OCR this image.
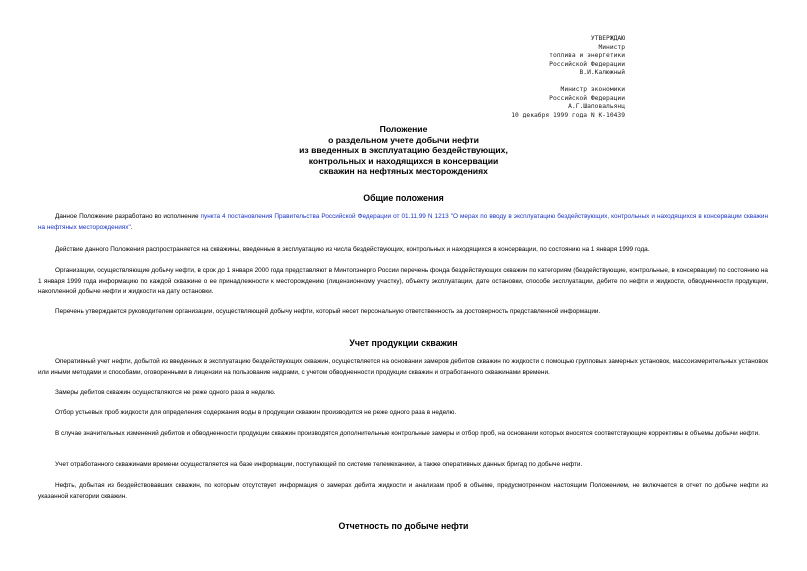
УТВЕРЖДАЮ
Министр
топлива и энергетики
Российской Федерации
В.И.Калюжный
Министр экономики
Российской Федерации
А.Г.Шаповальянц
10 декабря 1999 года N К-10439
Положение
о раздельном учете добычи нефти
из введенных в эксплуатацию бездействующих,
контрольных и находящихся в консервации
скважин на нефтяных месторождениях
Общие положения
Данное Положение разработано во исполнение пункта 4 постановления Правительства Российской Федерации от 01.11.99 N 1213 "О мерах по вводу в эксплуатацию бездействующих, контрольных и находящихся в консервации скважин на нефтяных месторождениях".
Действие данного Положения распространяется на скважины, введенные в эксплуатацию из числа бездействующих, контрольных и находящихся в консервации, по состоянию на 1 января 1999 года.
Организации, осуществляющие добычу нефти, в срок до 1 января 2000 года представляют в Минтопэнерго России перечень фонда бездействующих скважин по категориям (бездействующие, контрольные, в консервации) по состоянию на 1 января 1999 года информацию по каждой скважине о ее принадлежности к месторождению (лицензионному участку), объекту эксплуатации, дате остановки, способе эксплуатации, дебите по нефти и жидкости, обводненности продукции, накопленной добыче нефти и жидкости на дату остановки.
Перечень утверждается руководителем организации, осуществляющей добычу нефти, который несет персональную ответственность за достоверность представленной информации.
Учет продукции скважин
Оперативный учет нефти, добытой из введенных в эксплуатацию бездействующих скважин, осуществляется на основании замеров дебитов скважин по жидкости с помощью групповых замерных установок, массоизмерительных установок или иными методами и способами, оговоренными в лицензии на пользование недрами, с учетом обводненности продукции скважин и отработанного скважинами времени.
Замеры дебитов скважин осуществляются не реже одного раза в неделю.
Отбор устьевых проб жидкости для определения содержания воды в продукции скважин производится не реже одного раза в неделю.
В случае значительных изменений дебитов и обводненности продукции скважин производятся дополнительные контрольные замеры и отбор проб, на основании которых вносятся соответствующие коррективы в объемы добычи нефти.
Учет отработанного скважинами времени осуществляется на базе информации, поступающей по системе телемеханики, а также оперативных данных бригад по добыче нефти.
Нефть, добытая из бездействовавших скважин, по которым отсутствует информация о замерах дебита жидкости и анализам проб в объеме, предусмотренном настоящим Положением, не включается в отчет по добыче нефти из указанной категории скважин.
Отчетность по добыче нефти
